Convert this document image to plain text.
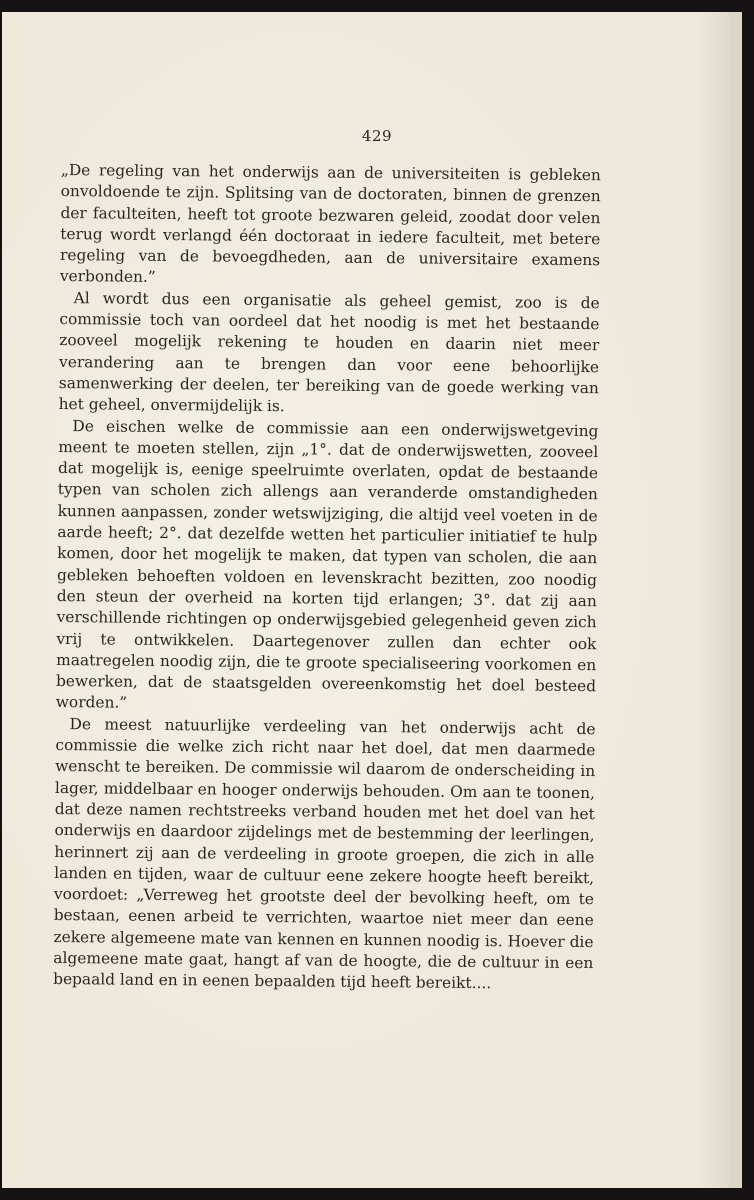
429

„De regeling van het onderwijs aan de universiteiten is gebleken onvoldoende te zijn. Splitsing van de doctoraten, binnen de grenzen der faculteiten, heeft tot groote bezwaren geleid, zoodat door velen terug wordt verlangd één doctoraat in iedere faculteit, met betere regeling van de bevoegdheden, aan de universitaire examens verbonden.”

Al wordt dus een organisatie als geheel gemist, zoo is de commissie toch van oordeel dat het noodig is met het bestaande zooveel mogelijk rekening te houden en daarin niet meer verandering aan te brengen dan voor eene behoorlijke samenwerking der deelen, ter bereiking van de goede werking van het geheel, onvermijdelijk is.

De eischen welke de commissie aan een onderwijswetgeving meent te moeten stellen, zijn „1°. dat de onderwijswetten, zooveel dat mogelijk is, eenige speelruimte overlaten, opdat de bestaande typen van scholen zich allengs aan veranderde omstandigheden kunnen aanpassen, zonder wetswijziging, die altijd veel voeten in de aarde heeft; 2°. dat dezelfde wetten het particulier initiatief te hulp komen, door het mogelijk te maken, dat typen van scholen, die aan gebleken behoeften voldoen en levenskracht bezitten, zoo noodig den steun der overheid na korten tijd erlangen; 3°. dat zij aan verschillende richtingen op onderwijsgebied gelegenheid geven zich vrij te ontwikkelen. Daartegenover zullen dan echter ook maatregelen noodig zijn, die te groote specialiseering voorkomen en bewerken, dat de staatsgelden overeenkomstig het doel besteed worden.”

De meest natuurlijke verdeeling van het onderwijs acht de commissie die welke zich richt naar het doel, dat men daarmede wenscht te bereiken. De commissie wil daarom de onderscheiding in lager, middelbaar en hooger onderwijs behouden. Om aan te toonen, dat deze namen rechtstreeks verband houden met het doel van het onderwijs en daardoor zijdelings met de bestemming der leerlingen, herinnert zij aan de verdeeling in groote groepen, die zich in alle landen en tijden, waar de cultuur eene zekere hoogte heeft bereikt, voordoet: „Verreweg het grootste deel der bevolking heeft, om te bestaan, eenen arbeid te verrichten, waartoe niet meer dan eene zekere algemeene mate van kennen en kunnen noodig is. Hoever die algemeene mate gaat, hangt af van de hoogte, die de cultuur in een bepaald land en in eenen bepaalden tijd heeft bereikt....
